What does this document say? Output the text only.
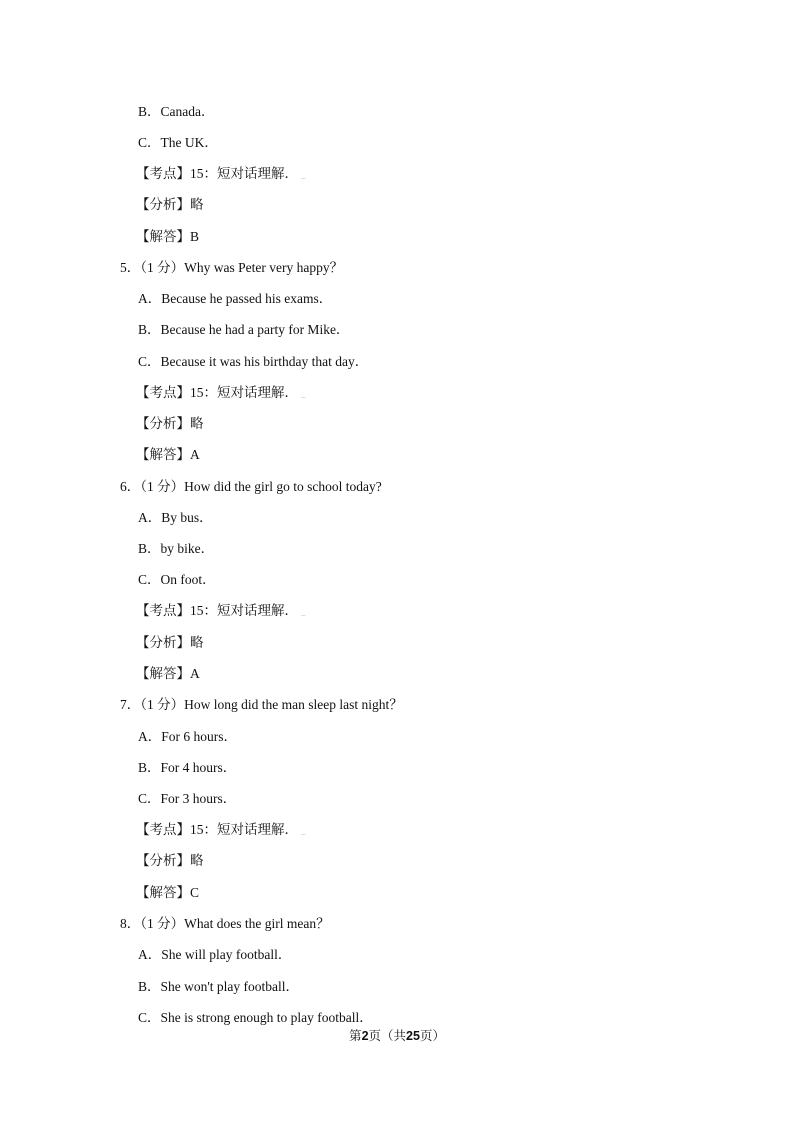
B．Canada．
C．The UK．
【考点】15：短对话理解． _
【分析】略
【解答】B
5．（1 分）Why was Peter very happy？
A．Because he passed his exams．
B．Because he had a party for Mike．
C．Because it was his birthday that day．
【考点】15：短对话理解． _
【分析】略
【解答】A
6．（1 分）How did the girl go to school today?
A．By bus．
B．by bike．
C．On foot．
【考点】15：短对话理解． _
【分析】略
【解答】A
7．（1 分）How long did the man sleep last night？
A．For 6 hours．
B．For 4 hours．
C．For 3 hours．
【考点】15：短对话理解． _
【分析】略
【解答】C
8．（1 分）What does the girl mean？
A．She will play football．
B．She won't play football．
C．She is strong enough to play football．
第2页（共25页）
